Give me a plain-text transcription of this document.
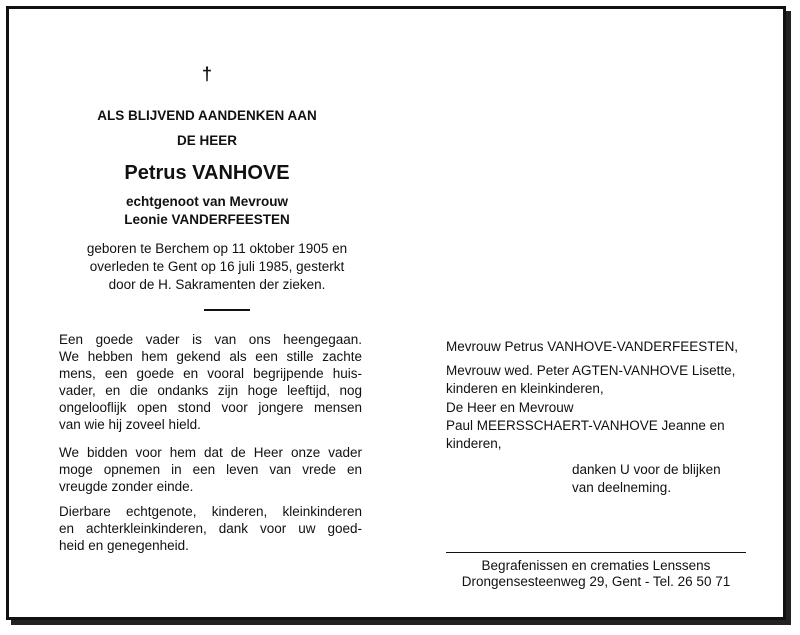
†
ALS BLIJVEND AANDENKEN AAN
DE HEER
Petrus VANHOVE
echtgenoot van Mevrouw
Leonie VANDERFEESTEN
geboren te Berchem op 11 oktober 1905 en
overleden te Gent op 16 juli 1985, gesterkt
door de H. Sakramenten der zieken.
Een goede vader is van ons heengegaan.
We hebben hem gekend als een stille zachte
mens, een goede en vooral begrijpende huis-
vader, en die ondanks zijn hoge leeftijd, nog
ongelooflijk open stond voor jongere mensen
van wie hij zoveel hield.
We bidden voor hem dat de Heer onze vader
moge opnemen in een leven van vrede en
vreugde zonder einde.
Dierbare echtgenote, kinderen, kleinkinderen
en achterkleinkinderen, dank voor uw goed-
heid en genegenheid.
Mevrouw Petrus VANHOVE-VANDERFEESTEN,
Mevrouw wed. Peter AGTEN-VANHOVE Lisette,
kinderen en kleinkinderen,
De Heer en Mevrouw
Paul MEERSSCHAERT-VANHOVE Jeanne en
kinderen,
danken U voor de blijken
van deelneming.
Begrafenissen en crematies Lenssens
Drongensesteenweg 29, Gent - Tel. 26 50 71
